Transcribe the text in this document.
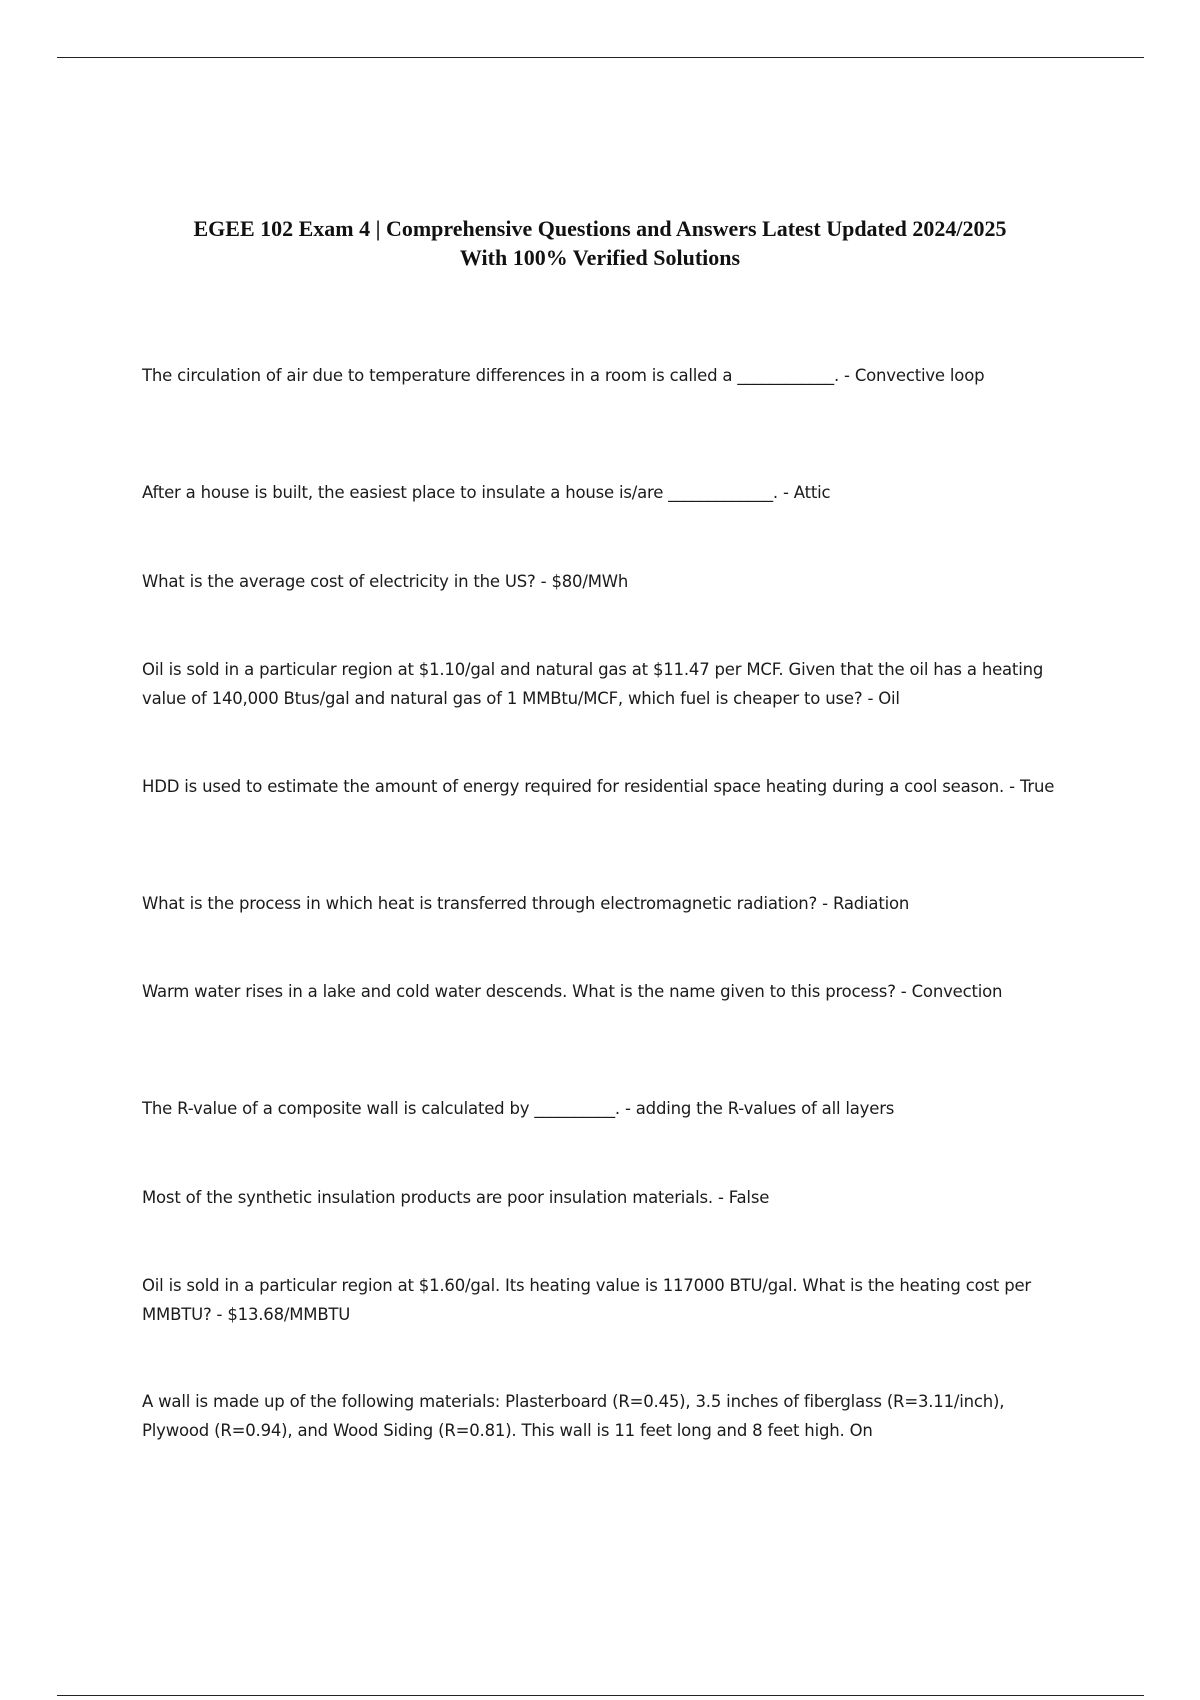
EGEE 102 Exam 4 | Comprehensive Questions and Answers Latest Updated 2024/2025
With 100% Verified Solutions
The circulation of air due to temperature differences in a room is called a ____________. - Convective loop
After a house is built, the easiest place to insulate a house is/are _____________. - Attic
What is the average cost of electricity in the US? - $80/MWh
Oil is sold in a particular region at $1.10/gal and natural gas at $11.47 per MCF. Given that the oil has a heating value of 140,000 Btus/gal and natural gas of 1 MMBtu/MCF, which fuel is cheaper to use? - Oil
HDD is used to estimate the amount of energy required for residential space heating during a cool season. - True
What is the process in which heat is transferred through electromagnetic radiation? - Radiation
Warm water rises in a lake and cold water descends. What is the name given to this process? - Convection
The R-value of a composite wall is calculated by __________. - adding the R-values of all layers
Most of the synthetic insulation products are poor insulation materials. - False
Oil is sold in a particular region at $1.60/gal. Its heating value is 117000 BTU/gal. What is the heating cost per MMBTU? - $13.68/MMBTU
A wall is made up of the following materials: Plasterboard (R=0.45), 3.5 inches of fiberglass (R=3.11/inch), Plywood (R=0.94), and Wood Siding (R=0.81). This wall is 11 feet long and 8 feet high. On
